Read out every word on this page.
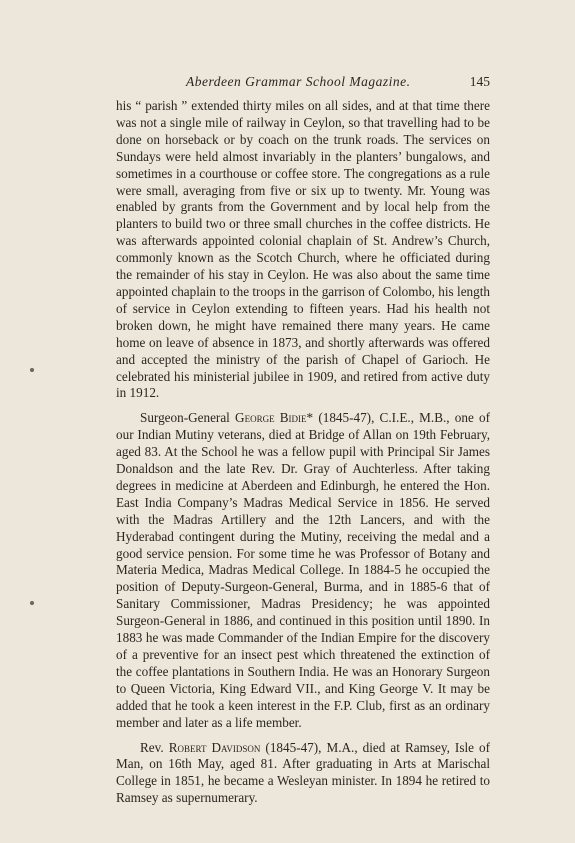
Aberdeen Grammar School Magazine.	145

his “ parish ” extended thirty miles on all sides, and at that time there was not a single mile of railway in Ceylon, so that travelling had to be done on horseback or by coach on the trunk roads. The services on Sundays were held almost invariably in the planters’ bungalows, and sometimes in a courthouse or coffee store. The congregations as a rule were small, averaging from five or six up to twenty. Mr. Young was enabled by grants from the Government and by local help from the planters to build two or three small churches in the coffee districts. He was afterwards appointed colonial chaplain of St. Andrew’s Church, commonly known as the Scotch Church, where he officiated during the remainder of his stay in Ceylon. He was also about the same time appointed chaplain to the troops in the garrison of Colombo, his length of service in Ceylon extending to fifteen years. Had his health not broken down, he might have remained there many years. He came home on leave of absence in 1873, and shortly afterwards was offered and accepted the ministry of the parish of Chapel of Garioch. He celebrated his ministerial jubilee in 1909, and retired from active duty in 1912.

Surgeon-General George Bidie* (1845-47), C.I.E., M.B., one of our Indian Mutiny veterans, died at Bridge of Allan on 19th February, aged 83. At the School he was a fellow pupil with Principal Sir James Donaldson and the late Rev. Dr. Gray of Auchterless. After taking degrees in medicine at Aberdeen and Edinburgh, he entered the Hon. East India Company’s Madras Medical Service in 1856. He served with the Madras Artillery and the 12th Lancers, and with the Hyderabad contingent during the Mutiny, receiving the medal and a good service pension. For some time he was Professor of Botany and Materia Medica, Madras Medical College. In 1884-5 he occupied the position of Deputy-Surgeon-General, Burma, and in 1885-6 that of Sanitary Commissioner, Madras Presidency; he was appointed Surgeon-General in 1886, and continued in this position until 1890. In 1883 he was made Commander of the Indian Empire for the discovery of a preventive for an insect pest which threatened the extinction of the coffee plantations in Southern India. He was an Honorary Surgeon to Queen Victoria, King Edward VII., and King George V. It may be added that he took a keen interest in the F.P. Club, first as an ordinary member and later as a life member.

Rev. Robert Davidson (1845-47), M.A., died at Ramsey, Isle of Man, on 16th May, aged 81. After graduating in Arts at Marischal College in 1851, he became a Wesleyan minister. In 1894 he retired to Ramsey as supernumerary.
